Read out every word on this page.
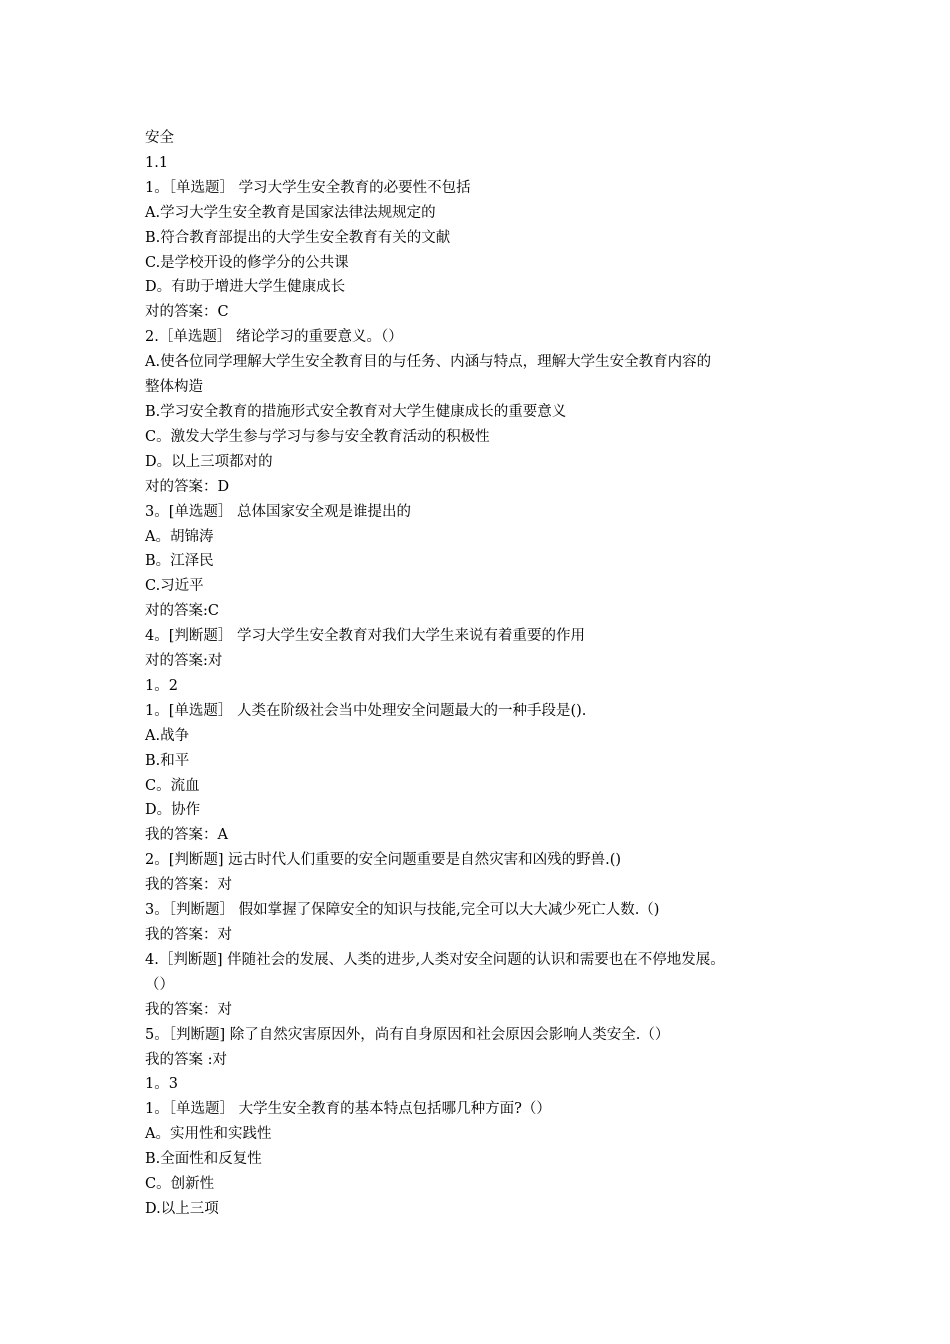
安全
1.1
1。［单选题］ 学习大学生安全教育的必要性不包括
A.学习大学生安全教育是国家法律法规规定的
B.符合教育部提出的大学生安全教育有关的文献
C.是学校开设的修学分的公共课
D。有助于增进大学生健康成长
对的答案：C
2.［单选题］ 绪论学习的重要意义。（）
A.使各位同学理解大学生安全教育目的与任务、内涵与特点，理解大学生安全教育内容的
整体构造
B.学习安全教育的措施形式安全教育对大学生健康成长的重要意义
C。激发大学生参与学习与参与安全教育活动的积极性
D。以上三项都对的
对的答案：D
3。[单选题］ 总体国家安全观是谁提出的
A。胡锦涛
B。江泽民
C.习近平
对的答案:C
4。[判断题］ 学习大学生安全教育对我们大学生来说有着重要的作用
对的答案:对
1。2
1。[单选题］ 人类在阶级社会当中处理安全问题最大的一种手段是().
A.战争
B.和平
C。流血
D。协作
我的答案：A
2。[判断题] 远古时代人们重要的安全问题重要是自然灾害和凶残的野兽.()
我的答案：对
3。［判断题］ 假如掌握了保障安全的知识与技能,完全可以大大减少死亡人数.（)
我的答案：对
4.［判断题] 伴随社会的发展、人类的进步,人类对安全问题的认识和需要也在不停地发展。
（）
我的答案：对
5。［判断题] 除了自然灾害原因外，尚有自身原因和社会原因会影响人类安全.（）
我的答案 :对
1。3
1。［单选题］ 大学生安全教育的基本特点包括哪几种方面?（）
A。实用性和实践性
B.全面性和反复性
C。创新性
D.以上三项
